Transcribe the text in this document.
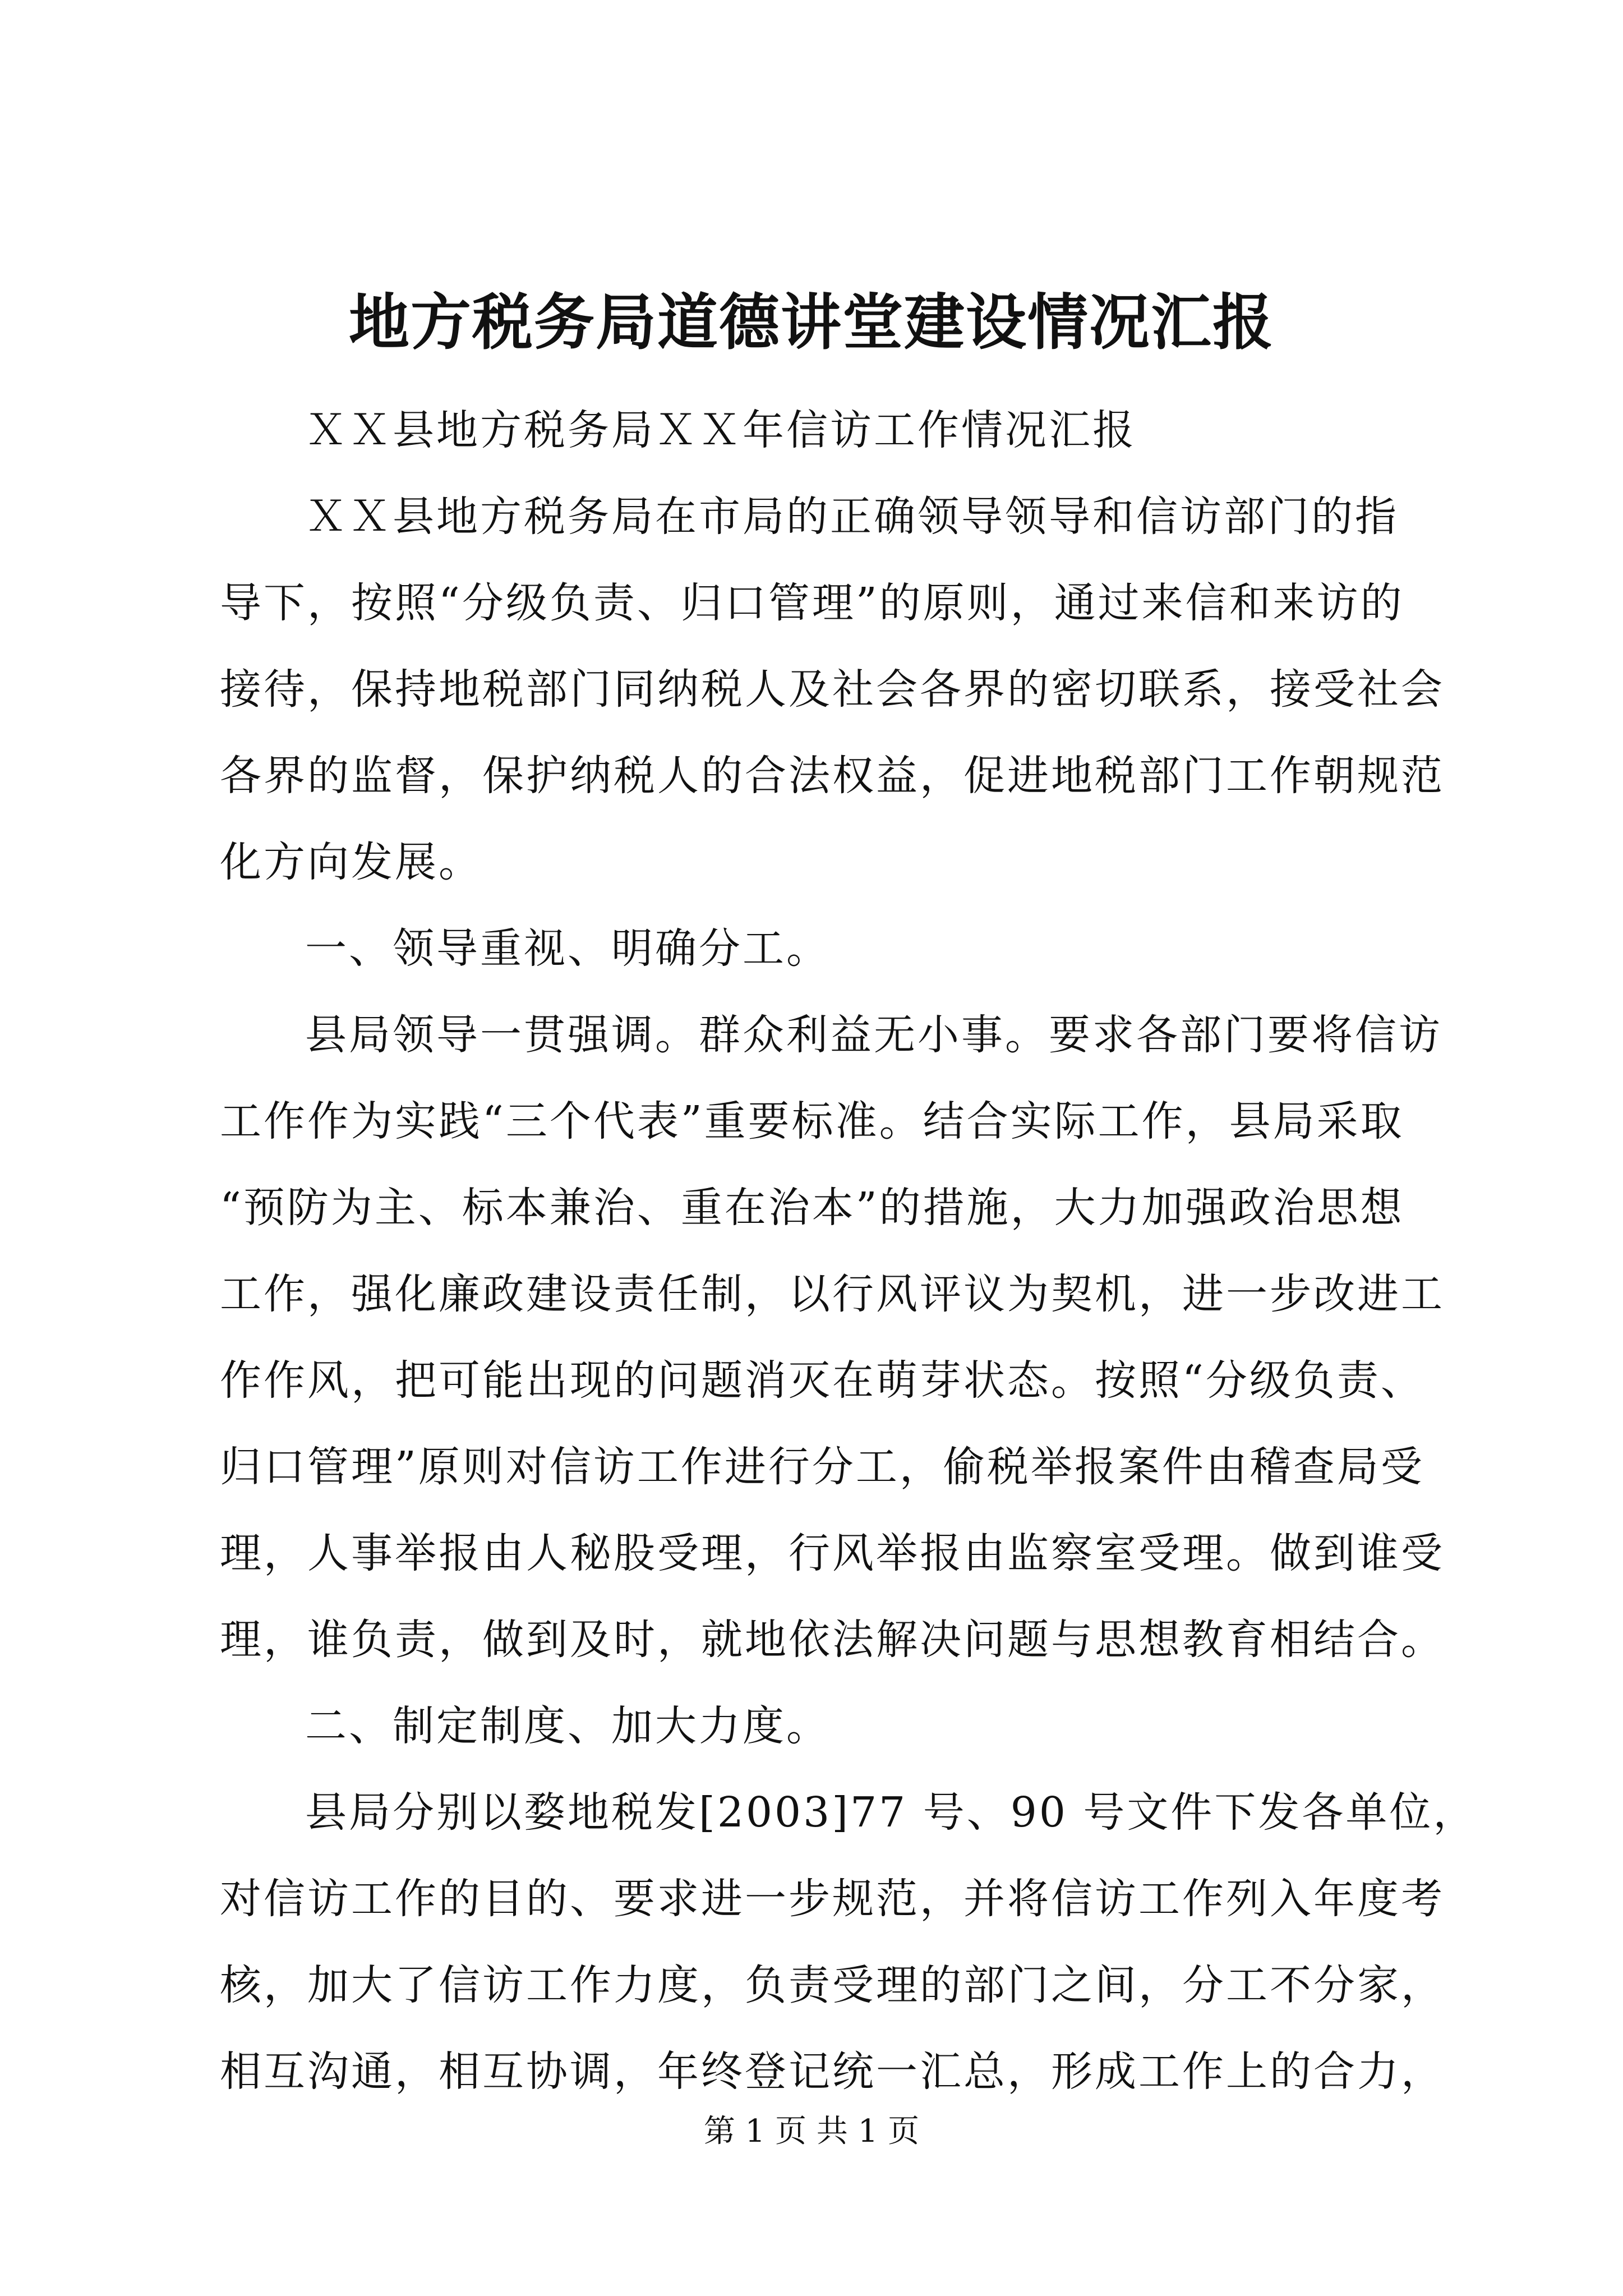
地方税务局道德讲堂建设情况汇报
ＸＸ县地方税务局ＸＸ年信访工作情况汇报
ＸＸ县地方税务局在市局的正确领导领导和信访部门的指
导下，按照“分级负责、归口管理”的原则，通过来信和来访的
接待，保持地税部门同纳税人及社会各界的密切联系，接受社会
各界的监督，保护纳税人的合法权益，促进地税部门工作朝规范
化方向发展。
一、领导重视、明确分工。
县局领导一贯强调。群众利益无小事。要求各部门要将信访
工作作为实践“三个代表”重要标准。结合实际工作，县局采取
“预防为主、标本兼治、重在治本”的措施，大力加强政治思想
工作，强化廉政建设责任制，以行风评议为契机，进一步改进工
作作风，把可能出现的问题消灭在萌芽状态。按照“分级负责、
归口管理”原则对信访工作进行分工，偷税举报案件由稽查局受
理，人事举报由人秘股受理，行风举报由监察室受理。做到谁受
理，谁负责，做到及时，就地依法解决问题与思想教育相结合。
二、制定制度、加大力度。
县局分别以婺地税发[2003]77 号、90 号文件下发各单位，
对信访工作的目的、要求进一步规范，并将信访工作列入年度考
核，加大了信访工作力度，负责受理的部门之间，分工不分家，
相互沟通，相互协调，年终登记统一汇总，形成工作上的合力，
第 1 页 共 1 页
